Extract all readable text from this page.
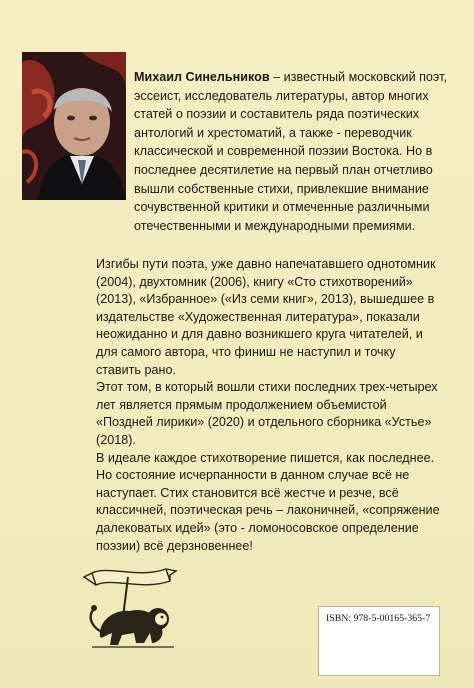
Михаил Синельников – известный московский поэт, эссеист, исследователь литературы, автор многих статей о поэзии и составитель ряда поэтических антологий и хрестоматий, а также - переводчик классической и современной поэзии Востока. Но в последнее десятилетие на первый план отчетливо вышли собственные стихи, привлекшие внимание сочувственной критики и отмеченные различными отечественными и международными премиями.

Изгибы пути поэта, уже давно напечатавшего однотомник (2004), двухтомник (2006), книгу «Сто стихотворений» (2013), «Избранное» («Из семи книг», 2013), вышедшее в издательстве «Художественная литература», показали неожиданно и для давно возникшего круга читателей, и для самого автора, что финиш не наступил и точку ставить рано.

Этот том, в который вошли стихи последних трех-четырех лет является прямым продолжением объемистой «Поздней лирики» (2020) и отдельного сборника «Устье» (2018).

В идеале каждое стихотворение пишется, как последнее.

Но состояние исчерпанности в данном случае всё не наступает. Стих становится всё жестче и резче, всё классичней, поэтическая речь – лаконичней, «сопряжение далековатых идей» (это - ломоносовское определение поэзии) всё дерзновеннее!

ISBN: 978-5-00165-365-7
